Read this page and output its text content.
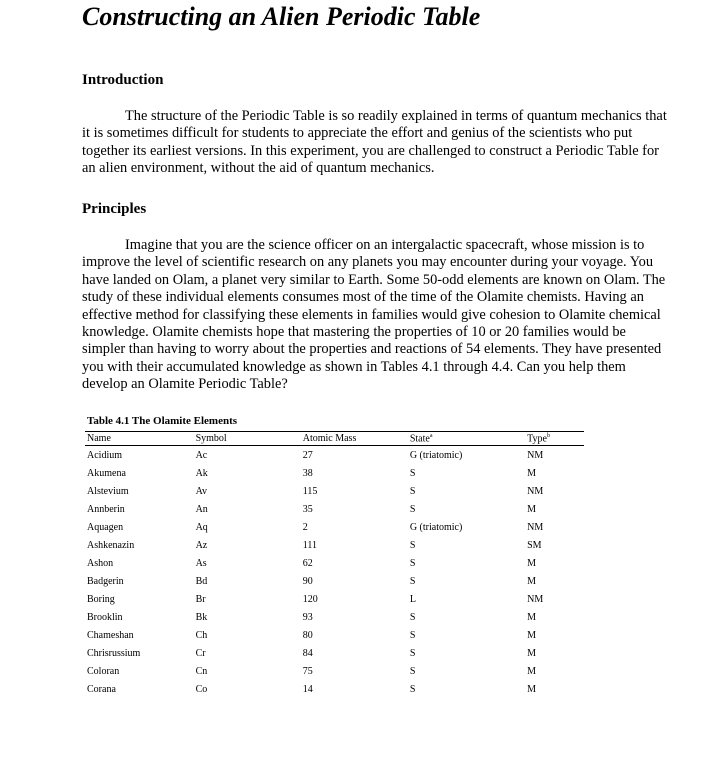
Constructing an Alien Periodic Table
Introduction

The structure of the Periodic Table is so readily explained in terms of quantum mechanics that it is sometimes difficult for students to appreciate the effort and genius of the scientists who put together its earliest versions. In this experiment, you are challenged to construct a Periodic Table for an alien environment, without the aid of quantum mechanics.

Principles

Imagine that you are the science officer on an intergalactic spacecraft, whose mission is to improve the level of scientific research on any planets you may encounter during your voyage. You have landed on Olam, a planet very similar to Earth. Some 50-odd elements are known on Olam. The study of these individual elements consumes most of the time of the Olamite chemists. Having an effective method for classifying these elements in families would give cohesion to Olamite chemical knowledge. Olamite chemists hope that mastering the properties of 10 or 20 families would be simpler than having to worry about the properties and reactions of 54 elements. They have presented you with their accumulated knowledge as shown in Tables 4.1 through 4.4. Can you help them develop an Olamite Periodic Table?

Table 4.1 The Olamite Elements

Name	Symbol	Atomic Mass	State$^a$	Type$^b$
Acidium	Ac	27	G (triatomic)	NM
Akumena	Ak	38	S	M
Alstevium	Av	115	S	NM
Annberin	An	35	S	M
Aquagen	Aq	2	G (triatomic)	NM
Ashkenazin	Az	111	S	SM
Ashon	As	62	S	M
Badgerin	Bd	90	S	M
Boring	Br	120	L	NM
Brooklin	Bk	93	S	M
Chameshan	Ch	80	S	M
Chrisrussium	Cr	84	S	M
Coloran	Cn	75	S	M
Corana	Co	14	S	M
